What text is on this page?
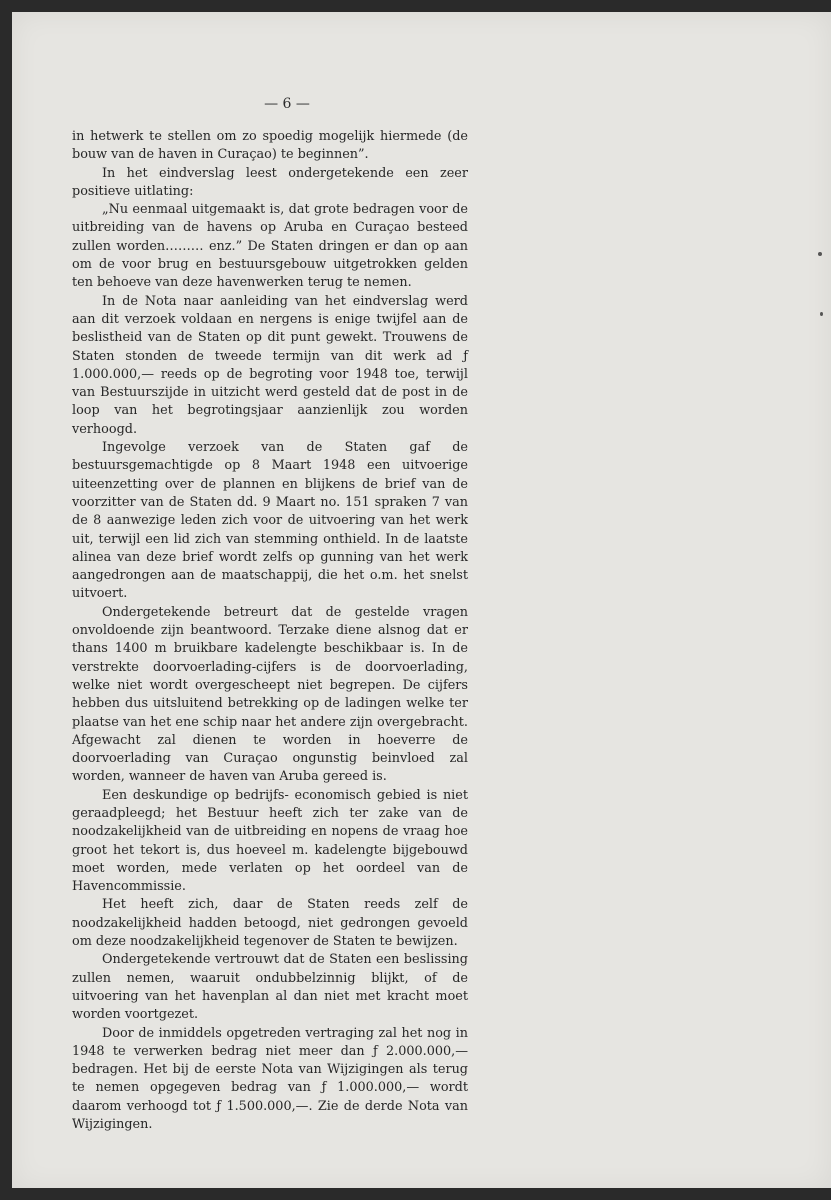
— 6 —

in hetwerk te stellen om zo spoedig mogelijk hiermede (de bouw van de haven in Curaçao) te beginnen”.

In het eindverslag leest ondergetekende een zeer positieve uitlating:

„Nu eenmaal uitgemaakt is, dat grote bedragen voor de uitbreiding van de havens op Aruba en Curaçao besteed zullen worden……… enz.” De Staten dringen er dan op aan om de voor brug en bestuursgebouw uitgetrokken gelden ten behoeve van deze havenwerken terug te nemen.

In de Nota naar aanleiding van het eindverslag werd aan dit verzoek voldaan en nergens is enige twijfel aan de beslistheid van de Staten op dit punt gewekt. Trouwens de Staten stonden de tweede termijn van dit werk ad ƒ 1.000.000,— reeds op de begroting voor 1948 toe, terwijl van Bestuurszijde in uitzicht werd gesteld dat de post in de loop van het begrotingsjaar aanzienlijk zou worden verhoogd.

Ingevolge verzoek van de Staten gaf de bestuursgemachtigde op 8 Maart 1948 een uitvoerige uiteenzetting over de plannen en blijkens de brief van de voorzitter van de Staten dd. 9 Maart no. 151 spraken 7 van de 8 aanwezige leden zich voor de uitvoering van het werk uit, terwijl een lid zich van stemming onthield. In de laatste alinea van deze brief wordt zelfs op gunning van het werk aangedrongen aan de maatschappij, die het o.m. het snelst uitvoert.

Ondergetekende betreurt dat de gestelde vragen onvoldoende zijn beantwoord. Terzake diene alsnog dat er thans 1400 m bruikbare kadelengte beschikbaar is. In de verstrekte doorvoerlading-cijfers is de doorvoerlading, welke niet wordt overgescheept niet begrepen. De cijfers hebben dus uitsluitend betrekking op de ladingen welke ter plaatse van het ene schip naar het andere zijn overgebracht. Afgewacht zal dienen te worden in hoeverre de doorvoerlading van Curaçao ongunstig beinvloed zal worden, wanneer de haven van Aruba gereed is.

Een deskundige op bedrijfs- economisch gebied is niet geraadpleegd; het Bestuur heeft zich ter zake van de noodzakelijkheid van de uitbreiding en nopens de vraag hoe groot het tekort is, dus hoeveel m. kadelengte bijgebouwd moet worden, mede verlaten op het oordeel van de Havencommissie.

Het heeft zich, daar de Staten reeds zelf de noodzakelijkheid hadden betoogd, niet gedrongen gevoeld om deze noodzakelijkheid tegenover de Staten te bewijzen.

Ondergetekende vertrouwt dat de Staten een beslissing zullen nemen, waaruit ondubbelzinnig blijkt, of de uitvoering van het havenplan al dan niet met kracht moet worden voortgezet.

Door de inmiddels opgetreden vertraging zal het nog in 1948 te verwerken bedrag niet meer dan ƒ 2.000.000,— bedragen. Het bij de eerste Nota van Wijzigingen als terug te nemen opgegeven bedrag van ƒ 1.000.000,— wordt daarom verhoogd tot ƒ 1.500.000,—. Zie de derde Nota van Wijzigingen.
